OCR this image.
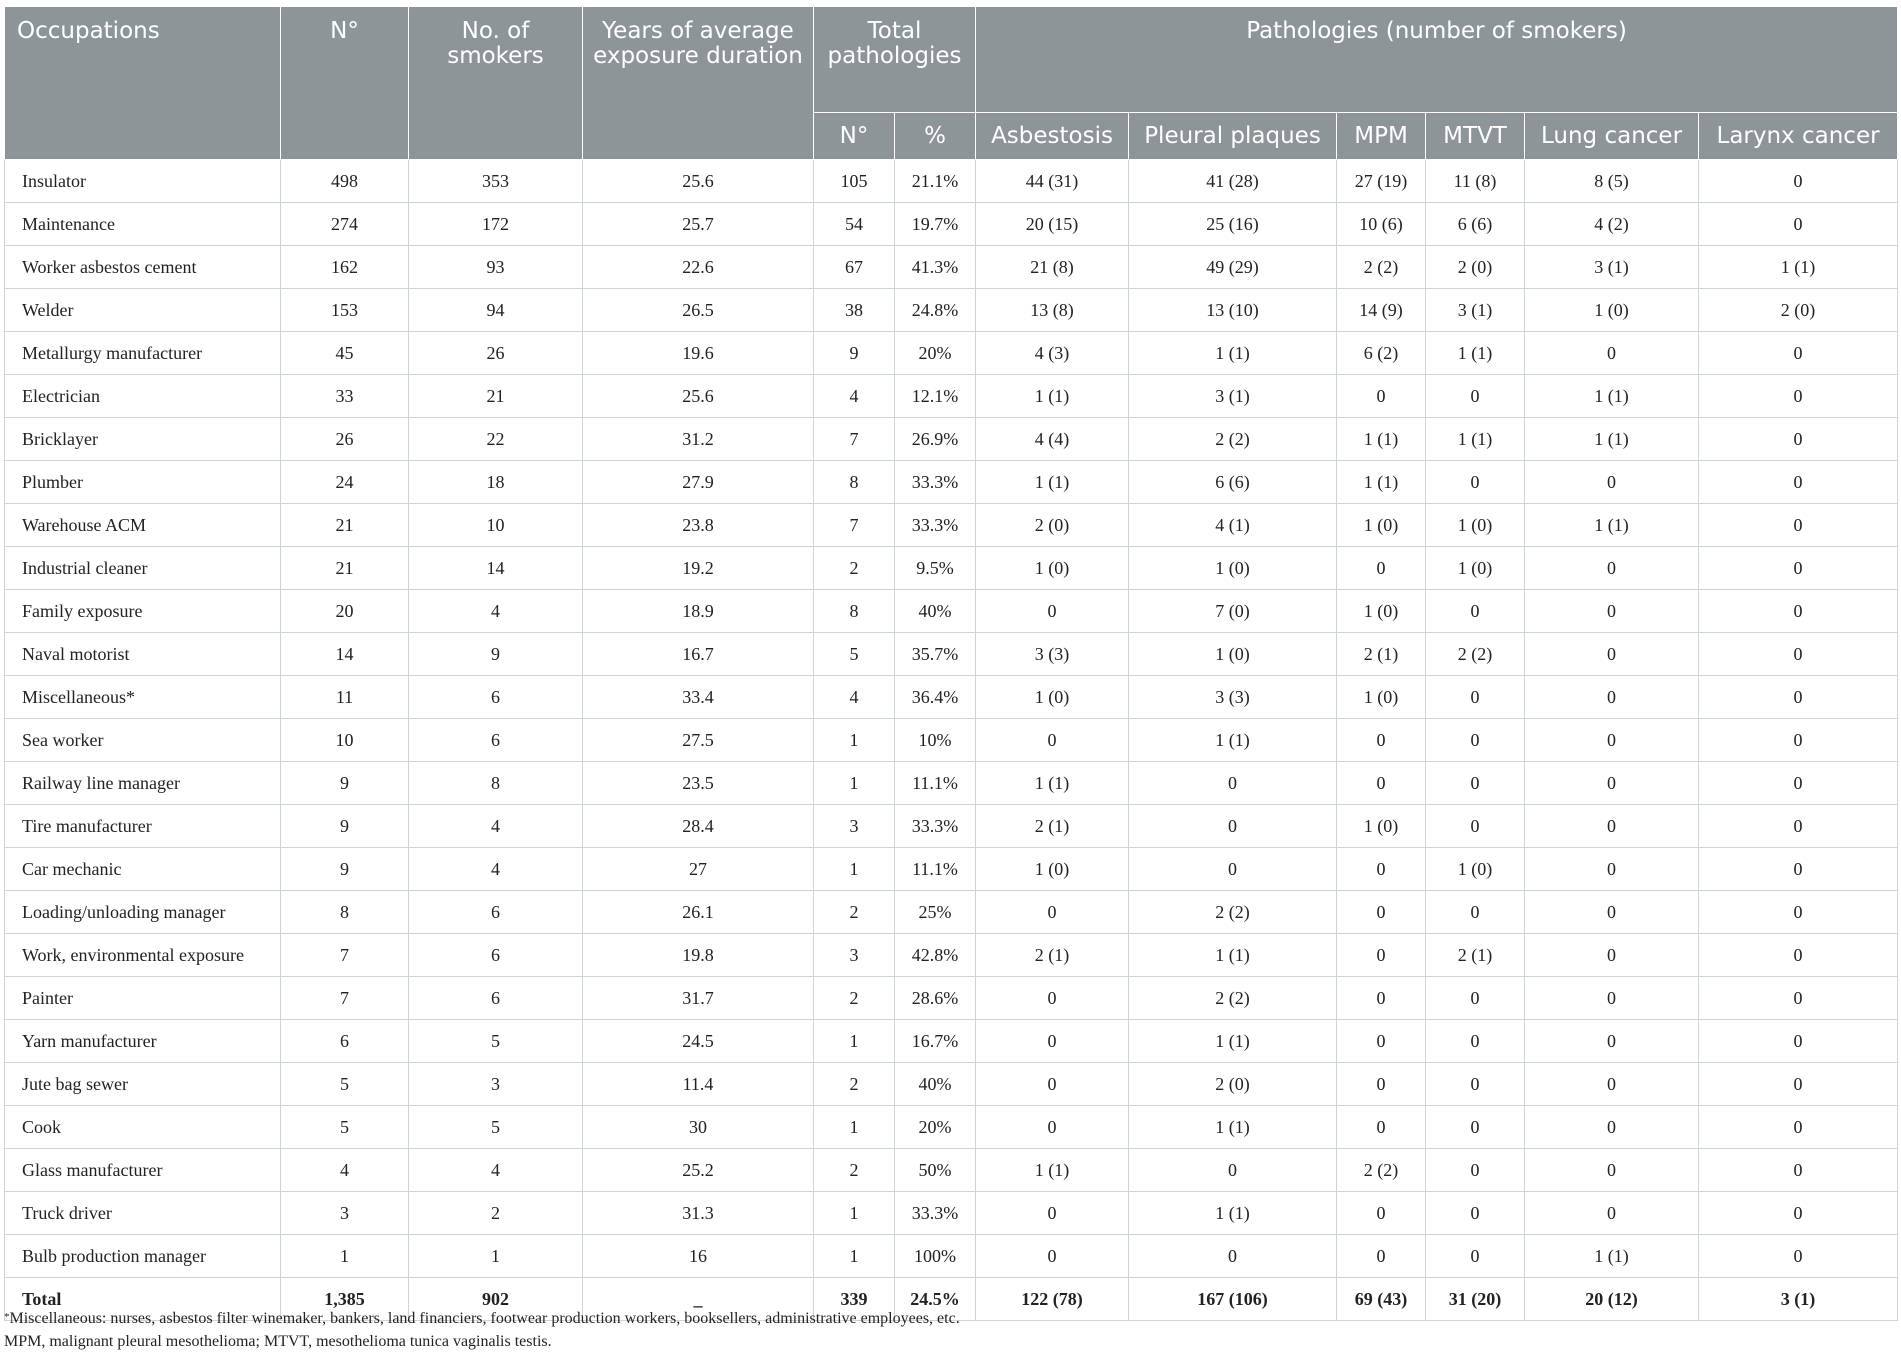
Occupations	N°	No. of smokers	Years of average exposure duration	Total pathologies		Pathologies (number of smokers)					
				N°	%	Asbestosis	Pleural plaques	MPM	MTVT	Lung cancer	Larynx cancer
Insulator	498	353	25.6	105	21.1%	44 (31)	41 (28)	27 (19)	11 (8)	8 (5)	0
Maintenance	274	172	25.7	54	19.7%	20 (15)	25 (16)	10 (6)	6 (6)	4 (2)	0
Worker asbestos cement	162	93	22.6	67	41.3%	21 (8)	49 (29)	2 (2)	2 (0)	3 (1)	1 (1)
Welder	153	94	26.5	38	24.8%	13 (8)	13 (10)	14 (9)	3 (1)	1 (0)	2 (0)
Metallurgy manufacturer	45	26	19.6	9	20%	4 (3)	1 (1)	6 (2)	1 (1)	0	0
Electrician	33	21	25.6	4	12.1%	1 (1)	3 (1)	0	0	1 (1)	0
Bricklayer	26	22	31.2	7	26.9%	4 (4)	2 (2)	1 (1)	1 (1)	1 (1)	0
Plumber	24	18	27.9	8	33.3%	1 (1)	6 (6)	1 (1)	0	0	0
Warehouse ACM	21	10	23.8	7	33.3%	2 (0)	4 (1)	1 (0)	1 (0)	1 (1)	0
Industrial cleaner	21	14	19.2	2	9.5%	1 (0)	1 (0)	0	1 (0)	0	0
Family exposure	20	4	18.9	8	40%	0	7 (0)	1 (0)	0	0	0
Naval motorist	14	9	16.7	5	35.7%	3 (3)	1 (0)	2 (1)	2 (2)	0	0
Miscellaneous*	11	6	33.4	4	36.4%	1 (0)	3 (3)	1 (0)	0	0	0
Sea worker	10	6	27.5	1	10%	0	1 (1)	0	0	0	0
Railway line manager	9	8	23.5	1	11.1%	1 (1)	0	0	0	0	0
Tire manufacturer	9	4	28.4	3	33.3%	2 (1)	0	1 (0)	0	0	0
Car mechanic	9	4	27	1	11.1%	1 (0)	0	0	1 (0)	0	0
Loading/unloading manager	8	6	26.1	2	25%	0	2 (2)	0	0	0	0
Work, environmental exposure	7	6	19.8	3	42.8%	2 (1)	1 (1)	0	2 (1)	0	0
Painter	7	6	31.7	2	28.6%	0	2 (2)	0	0	0	0
Yarn manufacturer	6	5	24.5	1	16.7%	0	1 (1)	0	0	0	0
Jute bag sewer	5	3	11.4	2	40%	0	2 (0)	0	0	0	0
Cook	5	5	30	1	20%	0	1 (1)	0	0	0	0
Glass manufacturer	4	4	25.2	2	50%	1 (1)	0	2 (2)	0	0	0
Truck driver	3	2	31.3	1	33.3%	0	1 (1)	0	0	0	0
Bulb production manager	1	1	16	1	100%	0	0	0	0	1 (1)	0
Total	1,385	902	_	339	24.5%	122 (78)	167 (106)	69 (43)	31 (20)	20 (12)	3 (1)
*Miscellaneous: nurses, asbestos filter winemaker, bankers, land financiers, footwear production workers, booksellers, administrative employees, etc.
MPM, malignant pleural mesothelioma; MTVT, mesothelioma tunica vaginalis testis.
